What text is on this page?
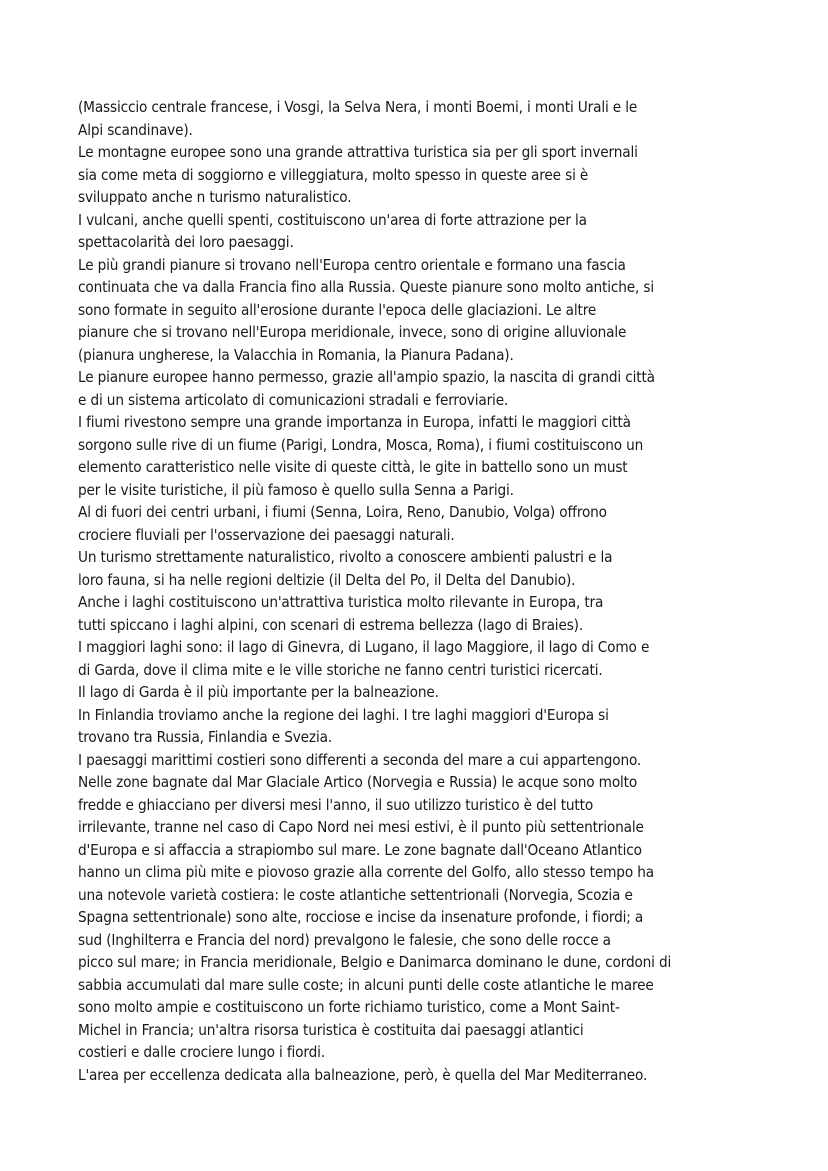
(Massiccio centrale francese, i Vosgi, la Selva Nera, i monti Boemi, i monti Urali e le
Alpi scandinave).
Le montagne europee sono una grande attrattiva turistica sia per gli sport invernali
sia come meta di soggiorno e villeggiatura, molto spesso in queste aree si è
sviluppato anche n turismo naturalistico.
I vulcani, anche quelli spenti, costituiscono un'area di forte attrazione per la
spettacolarità dei loro paesaggi.
Le più grandi pianure si trovano nell'Europa centro orientale e formano una fascia
continuata che va dalla Francia fino alla Russia. Queste pianure sono molto antiche, si
sono formate in seguito all'erosione durante l'epoca delle glaciazioni. Le altre
pianure che si trovano nell'Europa meridionale, invece, sono di origine alluvionale
(pianura ungherese, la Valacchia in Romania, la Pianura Padana).
Le pianure europee hanno permesso, grazie all'ampio spazio, la nascita di grandi città
e di un sistema articolato di comunicazioni stradali e ferroviarie.
I fiumi rivestono sempre una grande importanza in Europa, infatti le maggiori città
sorgono sulle rive di un fiume (Parigi, Londra, Mosca, Roma), i fiumi costituiscono un
elemento caratteristico nelle visite di queste città, le gite in battello sono un must
per le visite turistiche, il più famoso è quello sulla Senna a Parigi.
Al di fuori dei centri urbani, i fiumi (Senna, Loira, Reno, Danubio, Volga) offrono
crociere fluviali per l'osservazione dei paesaggi naturali.
Un turismo strettamente naturalistico, rivolto a conoscere ambienti palustri e la
loro fauna, si ha nelle regioni deltizie (il Delta del Po, il Delta del Danubio).
Anche i laghi costituiscono un'attrattiva turistica molto rilevante in Europa, tra
tutti spiccano i laghi alpini, con scenari di estrema bellezza (lago di Braies).
I maggiori laghi sono: il lago di Ginevra, di Lugano, il lago Maggiore, il lago di Como e
di Garda, dove il clima mite e le ville storiche ne fanno centri turistici ricercati.
Il lago di Garda è il più importante per la balneazione.
In Finlandia troviamo anche la regione dei laghi. I tre laghi maggiori d'Europa si
trovano tra Russia, Finlandia e Svezia.
I paesaggi marittimi costieri sono differenti a seconda del mare a cui appartengono.
Nelle zone bagnate dal Mar Glaciale Artico (Norvegia e Russia) le acque sono molto
fredde e ghiacciano per diversi mesi l'anno, il suo utilizzo turistico è del tutto
irrilevante, tranne nel caso di Capo Nord nei mesi estivi, è il punto più settentrionale
d'Europa e si affaccia a strapiombo sul mare. Le zone bagnate dall'Oceano Atlantico
hanno un clima più mite e piovoso grazie alla corrente del Golfo, allo stesso tempo ha
una notevole varietà costiera: le coste atlantiche settentrionali (Norvegia, Scozia e
Spagna settentrionale) sono alte, rocciose e incise da insenature profonde, i fiordi; a
sud (Inghilterra e Francia del nord) prevalgono le falesie, che sono delle rocce a
picco sul mare; in Francia meridionale, Belgio e Danimarca dominano le dune, cordoni di
sabbia accumulati dal mare sulle coste; in alcuni punti delle coste atlantiche le maree
sono molto ampie e costituiscono un forte richiamo turistico, come a Mont Saint-
Michel in Francia; un'altra risorsa turistica è costituita dai paesaggi atlantici
costieri e dalle crociere lungo i fiordi.
L'area per eccellenza dedicata alla balneazione, però, è quella del Mar Mediterraneo.
